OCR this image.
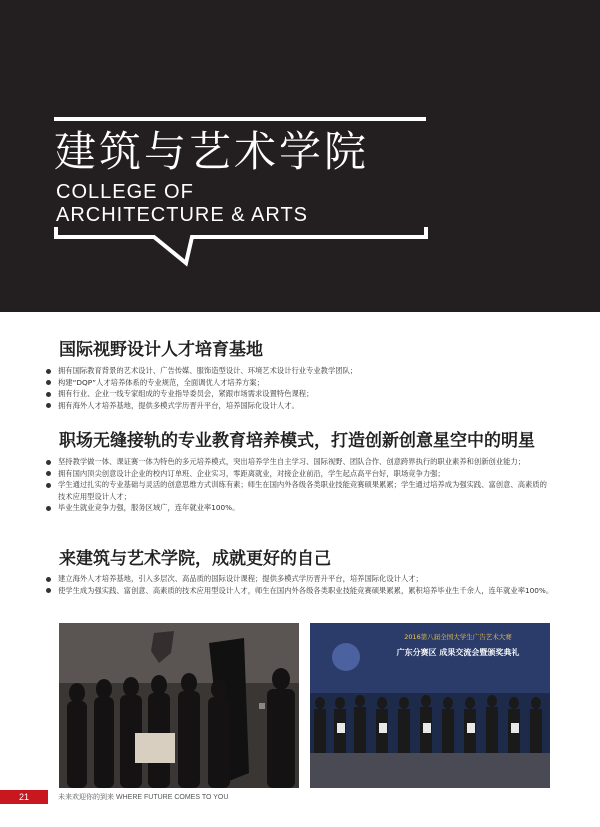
建筑与艺术学院
COLLEGE OF
ARCHITECTURE & ARTS
国际视野设计人才培育基地
拥有国际教育背景的艺术设计、广告传媒、服饰造型设计、环境艺术设计行业专业教学团队；
构建“DQP”人才培养体系的专业规范，全面调优人才培养方案；
拥有行业、企业一线专家组成的专业指导委员会，紧跟市场需求设置特色课程；
拥有海外人才培养基地，提供多模式学历晋升平台，培养国际化设计人才。
职场无缝接轨的专业教育培养模式，打造创新创意星空中的明星
坚持教学做一体、课证赛一体为特色的多元培养模式，突出培养学生自主学习、国际视野、团队合作、创意跨界执行的职业素养和创新创业能力；
拥有国内顶尖创意设计企业的校内订单班、企业实习，零距离就业，对接企业前沿，学生起点高平台好，职场竞争力强；
学生通过扎实的专业基础与灵活的创意思维方式训练有素；师生在国内外各级各类职业技能竞赛硕果累累；学生通过培养成为强实践、富创意、高素质的技术应用型设计人才；
毕业生就业竞争力强，服务区域广，连年就业率100%。
来建筑与艺术学院，成就更好的自己
建立海外人才培养基地，引入多层次、高品质的国际设计课程；提供多模式学历晋升平台，培养国际化设计人才；
使学生成为强实践、富创意、高素质的技术应用型设计人才，师生在国内外各级各类职业技能竞赛硕果累累，累积培养毕业生千余人，连年就业率100%。
2016第八届全国大学生广告艺术大赛
广东分赛区 成果交流会暨颁奖典礼
21	未来欢迎你的到来 WHERE FUTURE COMES TO YOU
